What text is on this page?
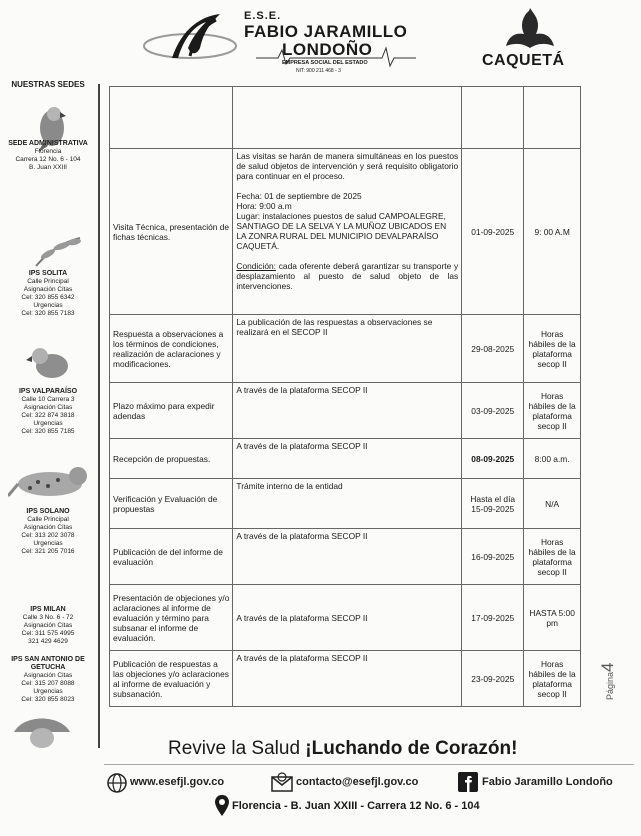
E.S.E.
FABIO JARAMILLO
LONDOÑO
EMPRESA SOCIAL DEL ESTADO
NIT: 900 211 468 - 3
CAQUETÁ
NUESTRAS SEDES
SEDE ADMINISTRATIVA
Florencia
Carrera 12 No. 6 - 104
B. Juan XXIII
IPS SOLITA
Calle Principal
Asignación Citas
Cel: 320 855 6342
Urgencias
Cel: 320 855 7183
IPS VALPARAÍSO
Calle 10 Carrera 3
Asignación Citas
Cel: 322 874 3818
Urgencias
Cel: 320 855 7185
IPS SOLANO
Calle Principal
Asignación Citas
Cel: 313 202 3078
Urgencias
Cel: 321 205 7016
IPS MILAN
Calle 3 No. 6 - 72
Asignación Citas
Cel: 311 575 4995
321 429 4629
IPS SAN ANTONIO DE GETUCHA
Asignación Citas
Cel: 315 207 8088
Urgencias
Cel: 320 855 8023

Visita Técnica, presentación de fichas técnicas.	Las visitas se harán de manera simultáneas en los puestos de salud objetos de intervención y será requisito obligatorio para continuar en el proceso.
Fecha: 01 de septiembre de 2025
Hora: 9:00 a.m
Lugar: instalaciones puestos de salud CAMPOALEGRE, SANTIAGO DE LA SELVA Y LA MUÑOZ UBICADOS EN LA ZONRA RURAL DEL MUNICIPIO DEVALPARAÍSO CAQUETÁ.
Condición: cada oferente deberá garantizar su transporte y desplazamiento al puesto de salud objeto de las intervenciones.	01-09-2025	9: 00 A.M
Respuesta a observaciones a los términos de condiciones, realización de aclaraciones y modificaciones.	La publicación de las respuestas a observaciones se realizará en el SECOP II	29-08-2025	Horas hábiles de la plataforma secop II
Plazo máximo para expedir adendas	A través de la plataforma SECOP II	03-09-2025	Horas hábiles de la plataforma secop II
Recepción de propuestas.	A través de la plataforma SECOP II	08-09-2025	8:00 a.m.
Verificación y Evaluación de propuestas	Trámite interno de la entidad	Hasta el día 15-09-2025	N/A
Publicación de del informe de evaluación	A través de la plataforma SECOP II	16-09-2025	Horas hábiles de la plataforma secop II
Presentación de objeciones y/o aclaraciones al informe de evaluación y término para subsanar el informe de evaluación.	A través de la plataforma SECOP II	17-09-2025	HASTA 5:00 pm
Publicación de respuestas a las objeciones y/o aclaraciones al informe de evaluación y subsanación.	A través de la plataforma SECOP II	23-09-2025	Horas hábiles de la plataforma secop II	Página4
Revive la Salud ¡Luchando de Corazón!
www.esefjl.gov.co	contacto@esefjl.gov.co	Fabio Jaramillo Londoño
Florencia - B. Juan XXIII - Carrera 12 No. 6 - 104
